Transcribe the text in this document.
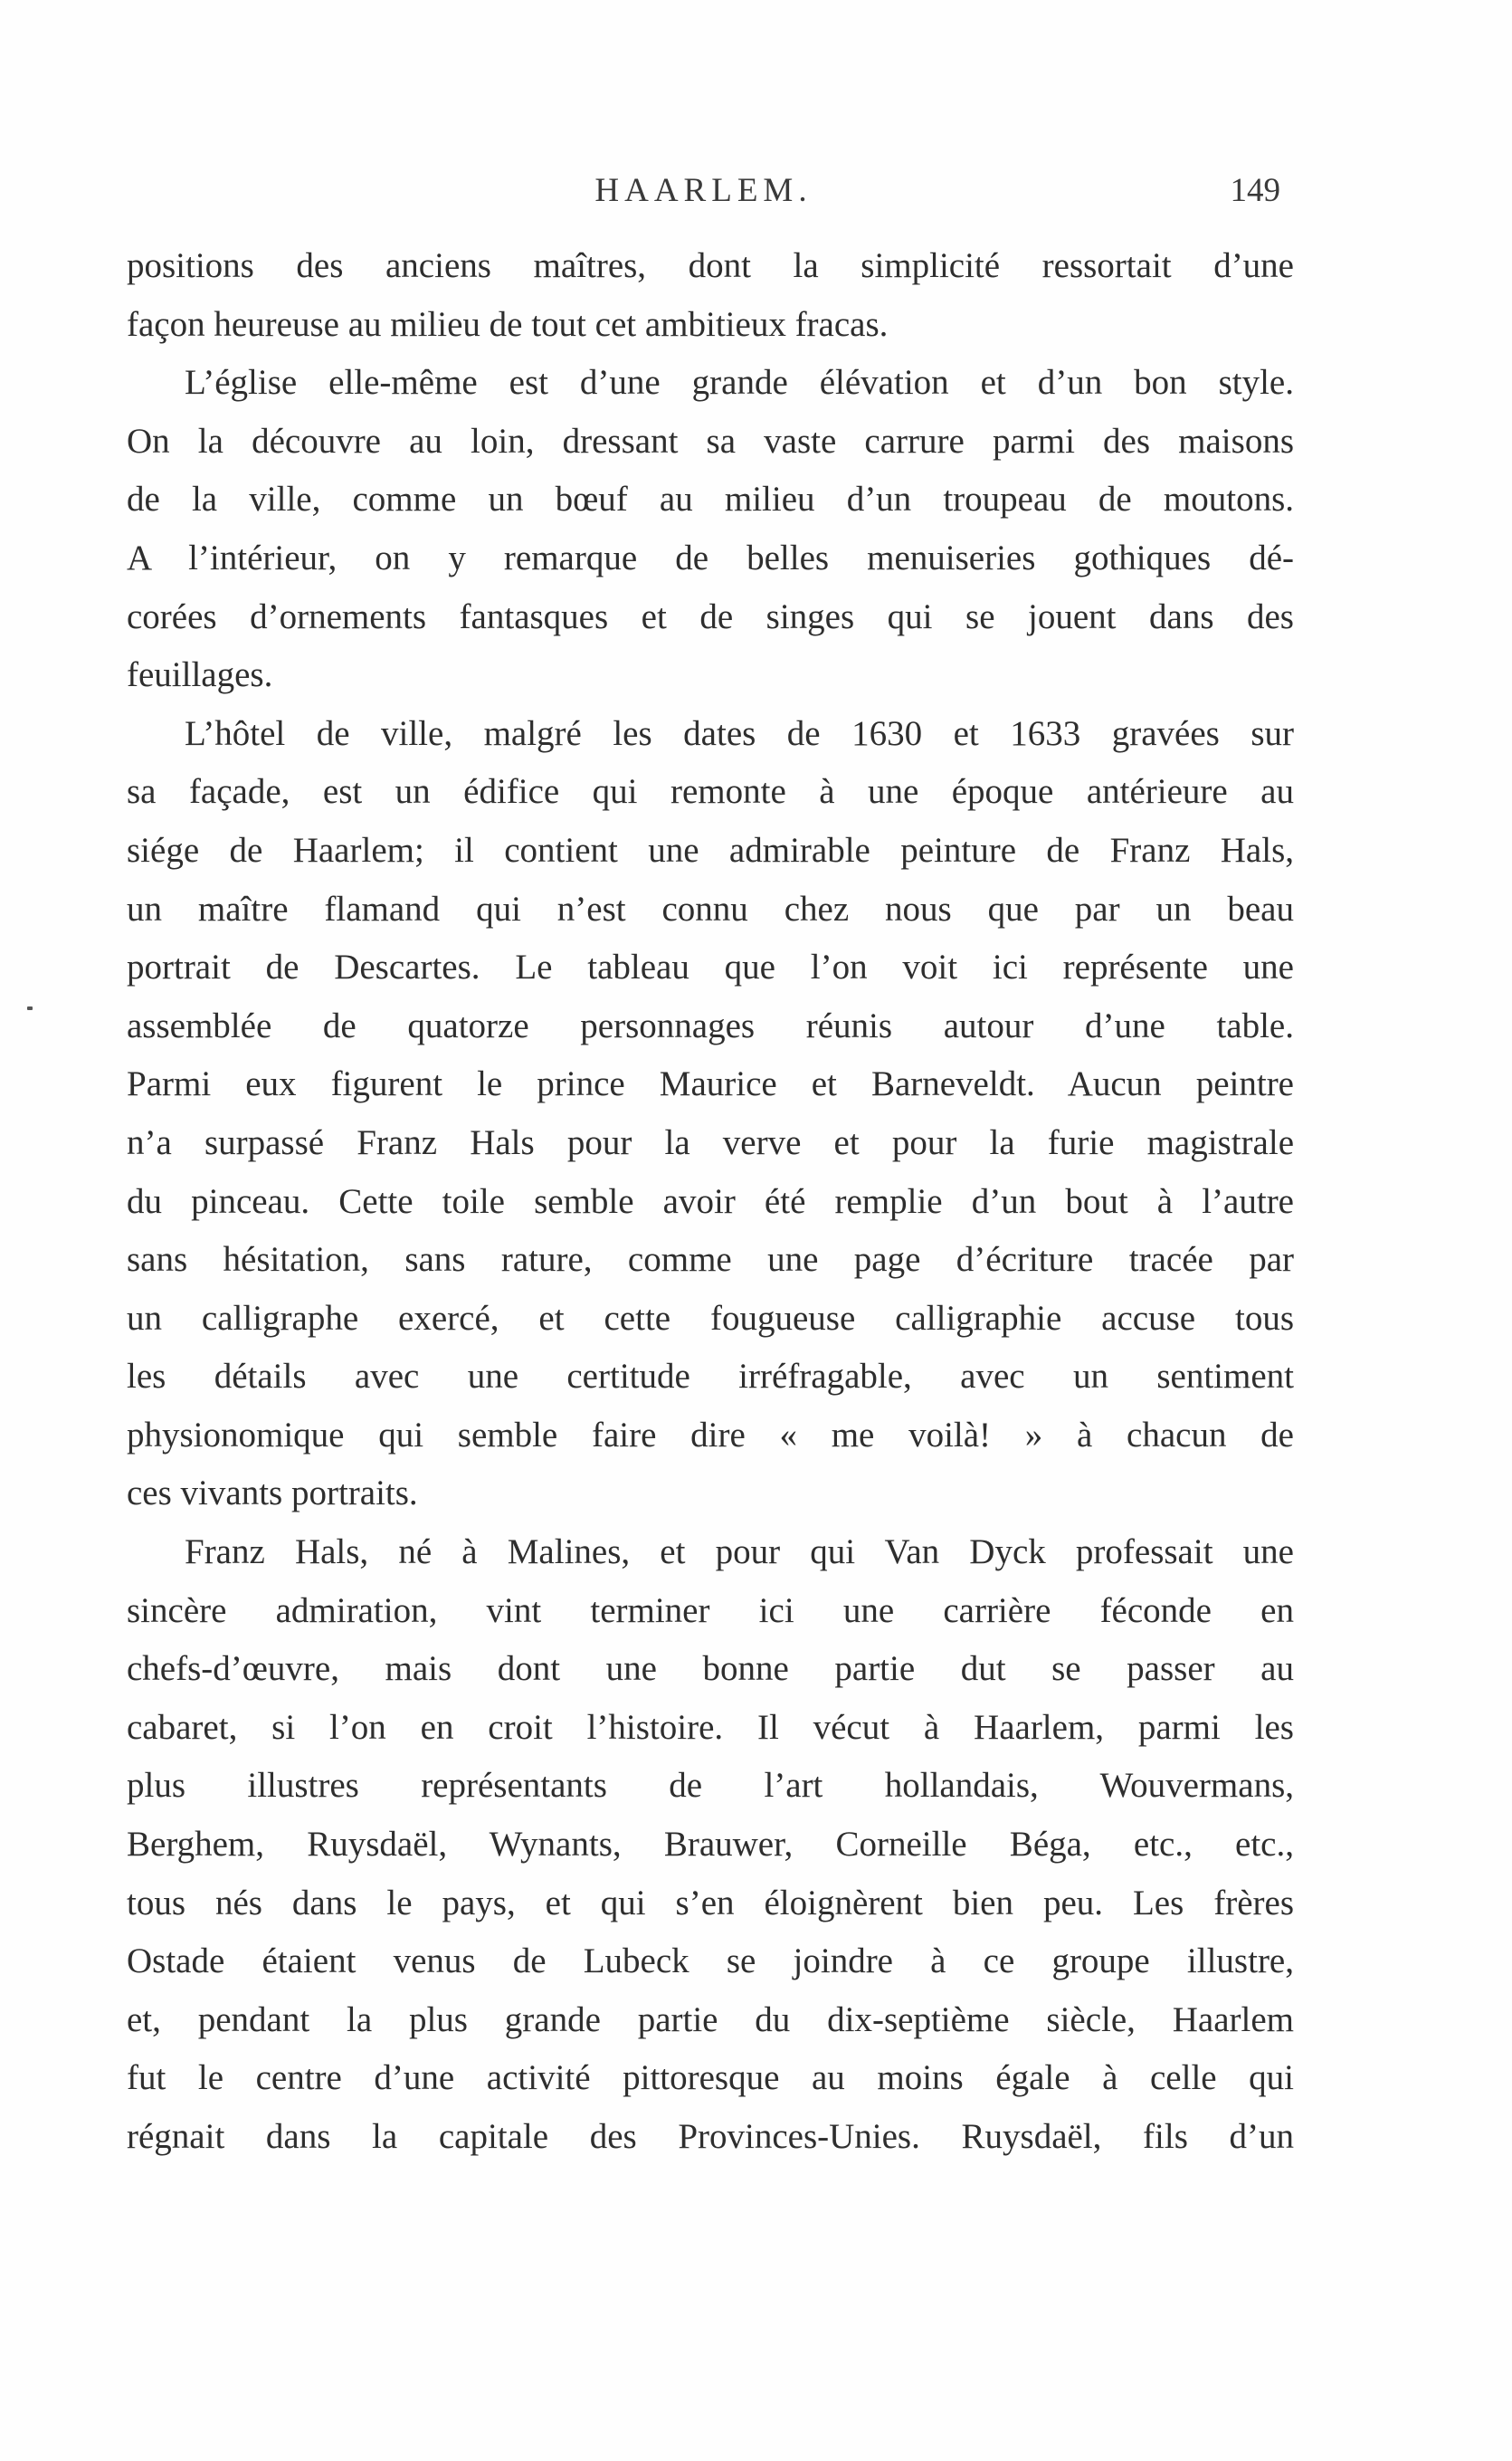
HAARLEM.	149
positions des anciens maîtres, dont la simplicité ressortait d’une
façon heureuse au milieu de tout cet ambitieux fracas.
L’église elle-même est d’une grande élévation et d’un bon style.
On la découvre au loin, dressant sa vaste carrure parmi des maisons
de la ville, comme un bœuf au milieu d’un troupeau de moutons.
A l’intérieur, on y remarque de belles menuiseries gothiques dé-
corées d’ornements fantasques et de singes qui se jouent dans des
feuillages.
L’hôtel de ville, malgré les dates de 1630 et 1633 gravées sur
sa façade, est un édifice qui remonte à une époque antérieure au
siége de Haarlem; il contient une admirable peinture de Franz Hals,
un maître flamand qui n’est connu chez nous que par un beau
portrait de Descartes. Le tableau que l’on voit ici représente une
assemblée de quatorze personnages réunis autour d’une table.
Parmi eux figurent le prince Maurice et Barneveldt. Aucun peintre
n’a surpassé Franz Hals pour la verve et pour la furie magistrale
du pinceau. Cette toile semble avoir été remplie d’un bout à l’autre
sans hésitation, sans rature, comme une page d’écriture tracée par
un calligraphe exercé, et cette fougueuse calligraphie accuse tous
les détails avec une certitude irréfragable, avec un sentiment
physionomique qui semble faire dire « me voilà! » à chacun de
ces vivants portraits.
Franz Hals, né à Malines, et pour qui Van Dyck professait une
sincère admiration, vint terminer ici une carrière féconde en
chefs-d’œuvre, mais dont une bonne partie dut se passer au
cabaret, si l’on en croit l’histoire. Il vécut à Haarlem, parmi les
plus illustres représentants de l’art hollandais, Wouvermans,
Berghem, Ruysdaël, Wynants, Brauwer, Corneille Béga, etc., etc.,
tous nés dans le pays, et qui s’en éloignèrent bien peu. Les frères
Ostade étaient venus de Lubeck se joindre à ce groupe illustre,
et, pendant la plus grande partie du dix-septième siècle, Haarlem
fut le centre d’une activité pittoresque au moins égale à celle qui
régnait dans la capitale des Provinces-Unies. Ruysdaël, fils d’un
